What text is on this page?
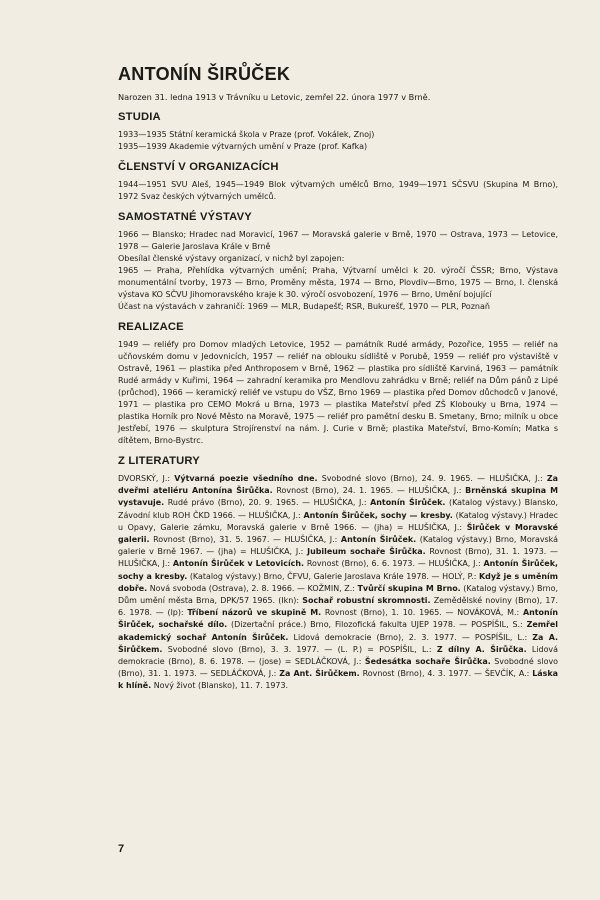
ANTONÍN ŠIRŮČEK

Narozen 31. ledna 1913 v Trávníku u Letovic, zemřel 22. února 1977 v Brně.

STUDIA
1933—1935 Státní keramická škola v Praze (prof. Vokálek, Znoj)
1935—1939 Akademie výtvarných umění v Praze (prof. Kafka)
ČLENSTVÍ V ORGANIZACÍCH

1944—1951 SVU Aleš, 1945—1949 Blok výtvarných umělců Brno, 1949—1971 SČSVU (Skupina M Brno), 1972 Svaz českých výtvarných umělců.

SAMOSTATNÉ VÝSTAVY

1966 — Blansko; Hradec nad Moravicí, 1967 — Moravská galerie v Brně, 1970 — Ostrava, 1973 — Letovice, 1978 — Galerie Jaroslava Krále v Brně

Obesílal členské výstavy organizací, v nichž byl zapojen:

1965 — Praha, Přehlídka výtvarných umění; Praha, Výtvarní umělci k 20. výročí ČSSR; Brno, Výstava monumentální tvorby, 1973 — Brno, Proměny města, 1974 — Brno, Plovdiv—Brno, 1975 — Brno, I. členská výstava KO SČVU Jihomoravského kraje k 30. výročí osvobození, 1976 — Brno, Umění bojující

Účast na výstavách v zahraničí: 1969 — MLR, Budapešť; RSR, Bukurešť, 1970 — PLR, Poznaň

REALIZACE

1949 — reliéfy pro Domov mladých Letovice, 1952 — památník Rudé armády, Pozořice, 1955 — reliéf na učňovském domu v Jedovnicích, 1957 — reliéf na oblouku sídliště v Porubě, 1959 — reliéf pro výstaviště v Ostravě, 1961 — plastika před Anthroposem v Brně, 1962 — plastika pro sídliště Karviná, 1963 — památník Rudé armády v Kuřimi, 1964 — zahradní keramika pro Mendlovu zahrádku v Brně; reliéf na Dům pánů z Lipé (průchod), 1966 — keramický reliéf ve vstupu do VŠZ, Brno 1969 — plastika před Domov důchodců v Janové, 1971 — plastika pro CEMO Mokrá u Brna, 1973 — plastika Mateřství před ZŠ Klobouky u Brna, 1974 — plastika Horník pro Nové Město na Moravě, 1975 — reliéf pro pamětní desku B. Smetany, Brno; milník u obce Jestřebí, 1976 — skulptura Strojírenství na nám. J. Curie v Brně; plastika Mateřství, Brno-Komín; Matka s dítětem, Brno-Bystrc.

Z LITERATURY

DVORSKÝ, J.: Výtvarná poezie všedního dne. Svobodné slovo (Brno), 24. 9. 1965. — HLUŠIČKA, J.: Za dveřmi ateliéru Antonína Širůčka. Rovnost (Brno), 24. 1. 1965. — HLUŠIČKA, J.: Brněnská skupina M vystavuje. Rudé právo (Brno), 20. 9. 1965. — HLUŠIČKA, J.: Antonín Širůček. (Katalog výstavy.) Blansko, Závodní klub ROH ČKD 1966. — HLUŠIČKA, J.: Antonín Širůček, sochy — kresby. (Katalog výstavy.) Hradec u Opavy, Galerie zámku, Moravská galerie v Brně 1966. — (jha) = HLUŠIČKA, J.: Širůček v Moravské galerii. Rovnost (Brno), 31. 5. 1967. — HLUŠIČKA, J.: Antonín Širůček. (Katalog výstavy.) Brno, Moravská galerie v Brně 1967. — (jha) = HLUŠIČKA, J.: Jubileum sochaře Širůčka. Rovnost (Brno), 31. 1. 1973. — HLUŠIČKA, J.: Antonín Širůček v Letovicích. Rovnost (Brno), 6. 6. 1973. — HLUŠIČKA, J.: Antonín Širůček, sochy a kresby. (Katalog výstavy.) Brno, ČFVU, Galerie Jaroslava Krále 1978. — HOLÝ, P.: Když je s uměním dobře. Nová svoboda (Ostrava), 2. 8. 1966. — KOŽMIN, Z.: Tvůrčí skupina M Brno. (Katalog výstavy.) Brno, Dům umění města Brna, DPK/57 1965. (Ikn): Sochař robustní skromnosti. Zemědělské noviny (Brno), 17. 6. 1978. — (lp): Tříbení názorů ve skupině M. Rovnost (Brno), 1. 10. 1965. — NOVÁKOVÁ, M.: Antonín Širůček, sochařské dílo. (Dizertační práce.) Brno, Filozofická fakulta UJEP 1978. — POSPÍŠIL, S.: Zemřel akademický sochař Antonín Širůček. Lidová demokracie (Brno), 2. 3. 1977. — POSPÍŠIL, L.: Za A. Širůčkem. Svobodné slovo (Brno), 3. 3. 1977. — (L. P.) = POSPÍŠIL, L.: Z dílny A. Širůčka. Lidová demokracie (Brno), 8. 6. 1978. — (jose) = SEDLÁČKOVÁ, J.: Šedesátka sochaře Širůčka. Svobodné slovo (Brno), 31. 1. 1973. — SEDLÁČKOVÁ, J.: Za Ant. Širůčkem. Rovnost (Brno), 4. 3. 1977. — ŠEVČÍK, A.: Láska k hlíně. Nový život (Blansko), 11. 7. 1973.

7
